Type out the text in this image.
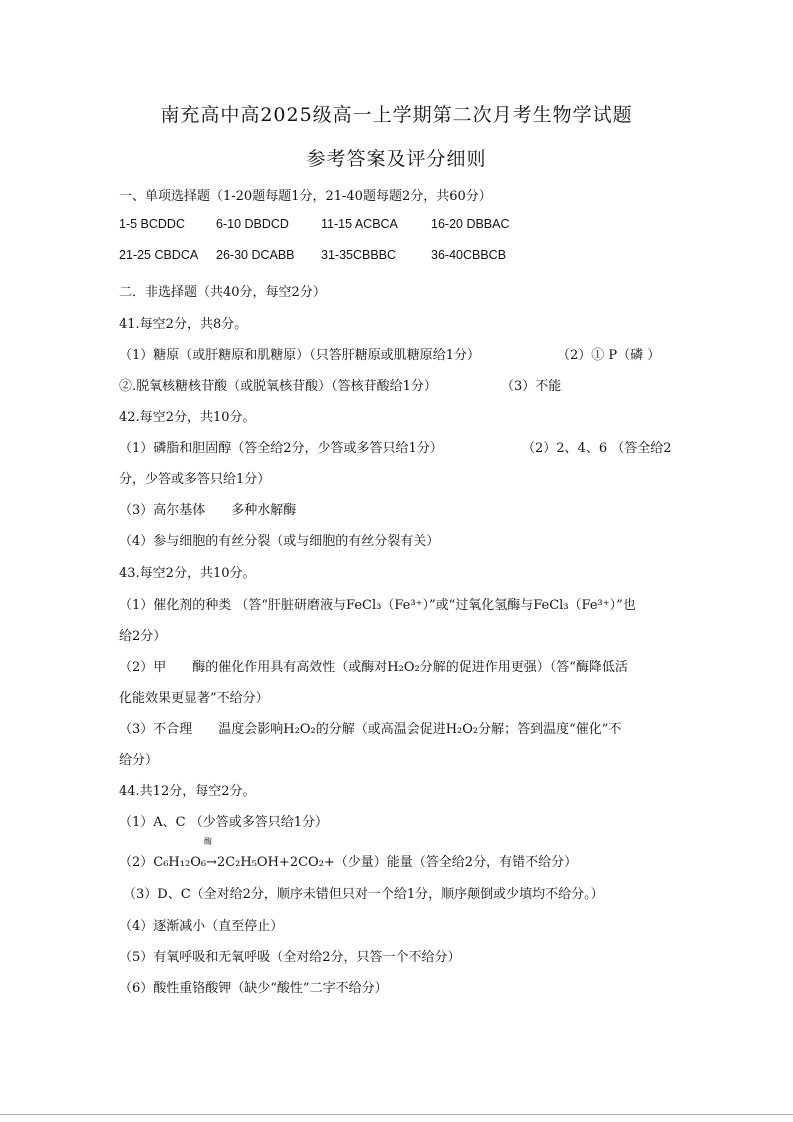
南充高中高2025级高一上学期第二次月考生物学试题
参考答案及评分细则
一、单项选择题（1-20题每题1分，21-40题每题2分，共60分）
1-5 BCDDC 6-10 DBDCD	11-15 ACBCA	16-20 DBBAC
21-25 CBDCA 26-30 DCABB 31-35CBBBC	36-40CBBCB
二．非选择题（共40分，每空2分）
41.每空2分，共8分。
（1）糖原（或肝糖原和肌糖原）（只答肝糖原或肌糖原给1分）	（2）① P（磷 ）
②.脱氧核糖核苷酸（或脱氧核苷酸）（答核苷酸给1分）	（3）不能
42.每空2分，共10分。
（1）磷脂和胆固醇（答全给2分，少答或多答只给1分）	（2）2、4、6 （答全给2
分，少答或多答只给1分）
（3）高尔基体　　多种水解酶
（4）参与细胞的有丝分裂（或与细胞的有丝分裂有关）
43.每空2分，共10分。
（1）催化剂的种类 （答“肝脏研磨液与FeCl₃（Fe³⁺）”或“过氧化氢酶与FeCl₃（Fe³⁺）”也
给2分）
（2）甲　　酶的催化作用具有高效性（或酶对H₂O₂分解的促进作用更强）（答“酶降低活
化能效果更显著”不给分）
（3）不合理　　温度会影响H₂O₂的分解（或高温会促进H₂O₂分解；答到温度“催化”不
给分）
44.共12分，每空2分。
（1）A、C （少答或多答只给1分）
酶
（2）C₆H₁₂O₆→2C₂H₅OH+2CO₂+（少量）能量（答全给2分，有错不给分）
（3）D、C（全对给2分，顺序未错但只对一个给1分，顺序颠倒或少填均不给分。）
（4）逐渐减小（直至停止）
（5）有氧呼吸和无氧呼吸（全对给2分，只答一个不给分）
（6）酸性重铬酸钾（缺少“酸性”二字不给分）
